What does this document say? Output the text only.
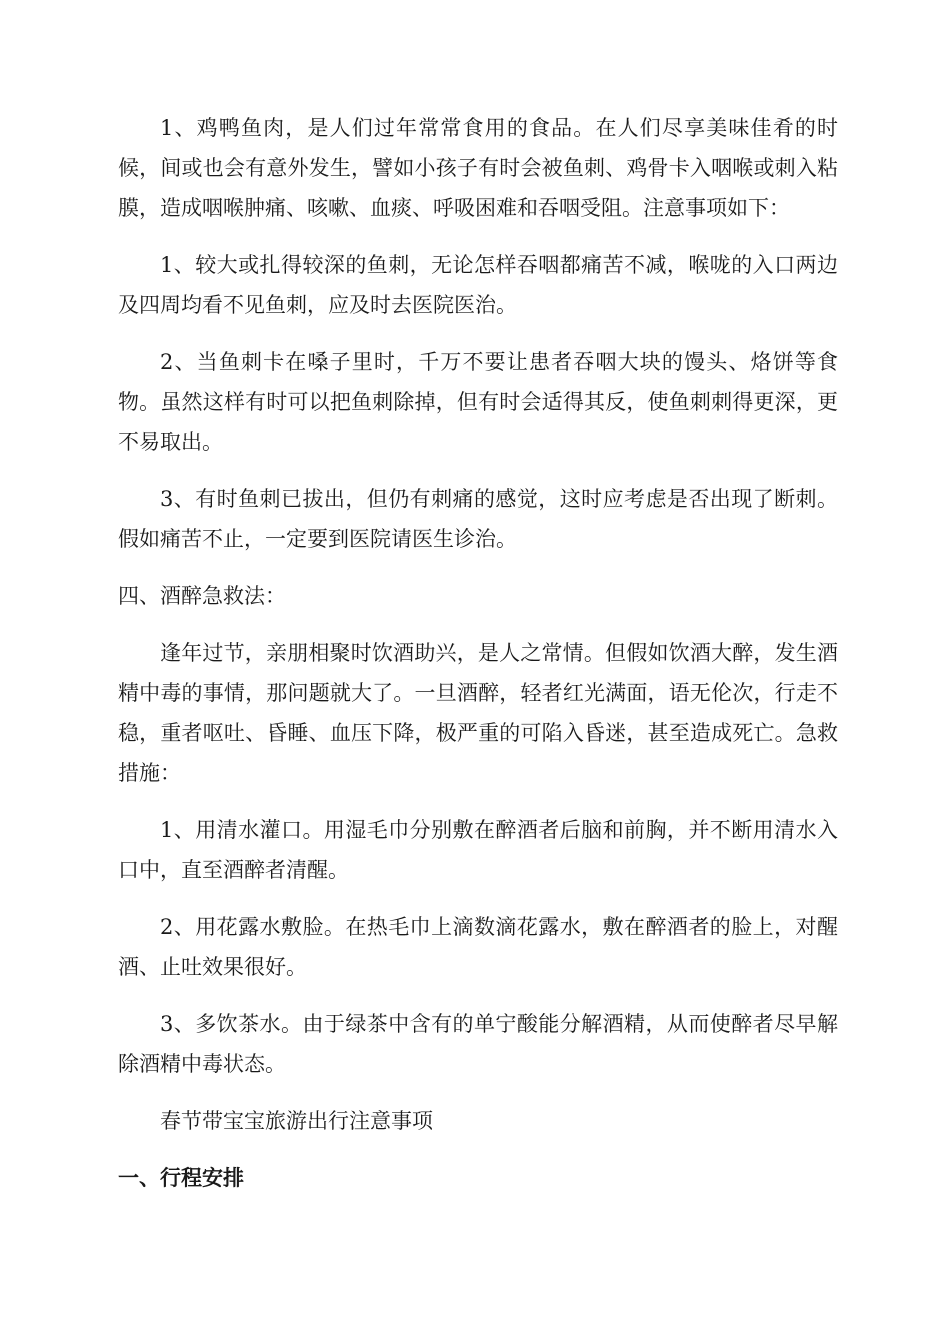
1、鸡鸭鱼肉，是人们过年常常食用的食品。在人们尽享美味佳肴的时候，间或也会有意外发生，譬如小孩子有时会被鱼刺、鸡骨卡入咽喉或刺入粘膜，造成咽喉肿痛、咳嗽、血痰、呼吸困难和吞咽受阻。注意事项如下：

1、较大或扎得较深的鱼刺，无论怎样吞咽都痛苦不减，喉咙的入口两边及四周均看不见鱼刺，应及时去医院医治。

2、当鱼刺卡在嗓子里时，千万不要让患者吞咽大块的馒头、烙饼等食物。虽然这样有时可以把鱼刺除掉，但有时会适得其反，使鱼刺刺得更深，更不易取出。

3、有时鱼刺已拔出，但仍有刺痛的感觉，这时应考虑是否出现了断刺。假如痛苦不止，一定要到医院请医生诊治。

四、酒醉急救法：

逢年过节，亲朋相聚时饮酒助兴，是人之常情。但假如饮酒大醉，发生酒精中毒的事情，那问题就大了。一旦酒醉，轻者红光满面，语无伦次，行走不稳，重者呕吐、昏睡、血压下降，极严重的可陷入昏迷，甚至造成死亡。急救措施：

1、用清水灌口。用湿毛巾分别敷在醉酒者后脑和前胸，并不断用清水入口中，直至酒醉者清醒。

2、用花露水敷脸。在热毛巾上滴数滴花露水，敷在醉酒者的脸上，对醒酒、止吐效果很好。

3、多饮茶水。由于绿茶中含有的单宁酸能分解酒精，从而使醉者尽早解除酒精中毒状态。

春节带宝宝旅游出行注意事项

一、行程安排
